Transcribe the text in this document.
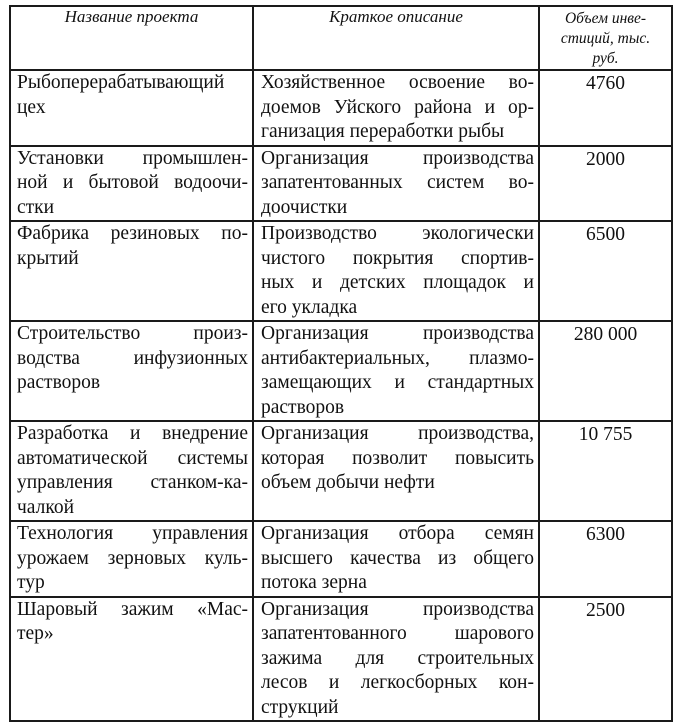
Название проекта	Краткое описание	Объем инве-
стиций, тыс.
руб.

Рыбоперерабатывающий
цех	Хозяйственное освоение во-
доемов Уйского района и ор-
ганизация переработки рыбы	4760

Установки промышлен-
ной и бытовой водоочи-
стки	Организация производства
запатентованных систем во-
доочистки	2000

Фабрика резиновых по-
крытий	Производство экологически
чистого покрытия спортив-
ных и детских площадок и
его укладка	6500

Строительство произ-
водства инфузионных
растворов	Организация производства
антибактериальных, плазмо-
замещающих и стандартных
растворов	280 000

Разработка и внедрение
автоматической системы
управления станком-ка-
чалкой	Организация производства,
которая позволит повысить
объем добычи нефти	10 755

Технология управления
урожаем зерновых куль-
тур	Организация отбора семян
высшего качества из общего
потока зерна	6300

Шаровый зажим «Мас-
тер»	Организация производства
запатентованного шарового
зажима для строительных
лесов и легкосборных кон-
струкций	2500
